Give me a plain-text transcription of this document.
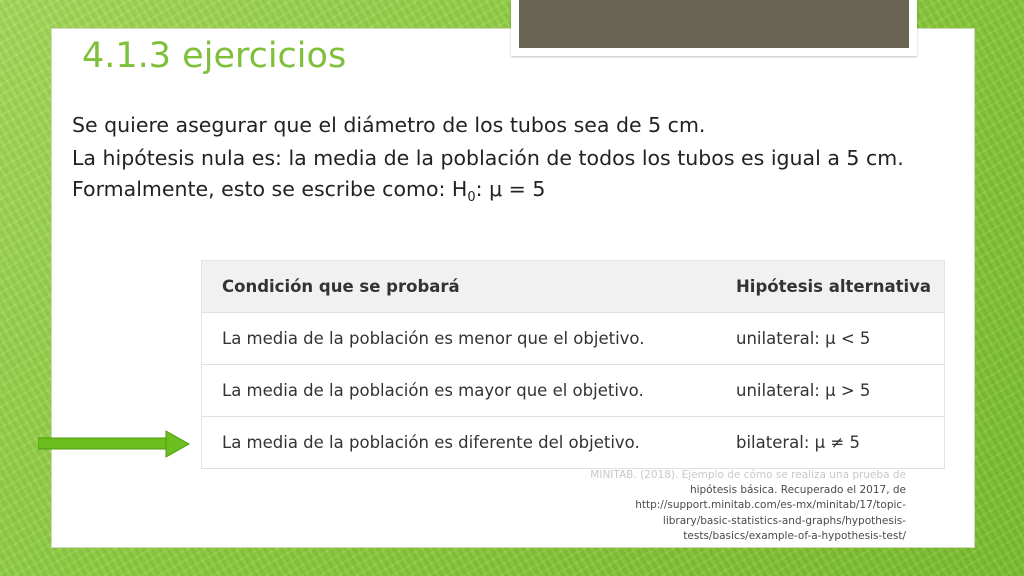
4.1.3 ejercicios

Se quiere asegurar que el diámetro de los tubos sea de 5 cm.

La hipótesis nula es: la media de la población de todos los tubos es igual a 5 cm. Formalmente, esto se escribe como: $H_0$: μ = 5

Condición que se probará	Hipótesis alternativa
La media de la población es menor que el objetivo.	unilateral: μ < 5
La media de la población es mayor que el objetivo.	unilateral: μ > 5
La media de la población es diferente del objetivo.	bilateral: μ ≠ 5
MINITAB. (2018). Ejemplo de cómo se realiza una prueba de
hipótesis básica. Recuperado el 2017, de
http://support.minitab.com/es-mx/minitab/17/topic-
library/basic-statistics-and-graphs/hypothesis-
tests/basics/example-of-a-hypothesis-test/
